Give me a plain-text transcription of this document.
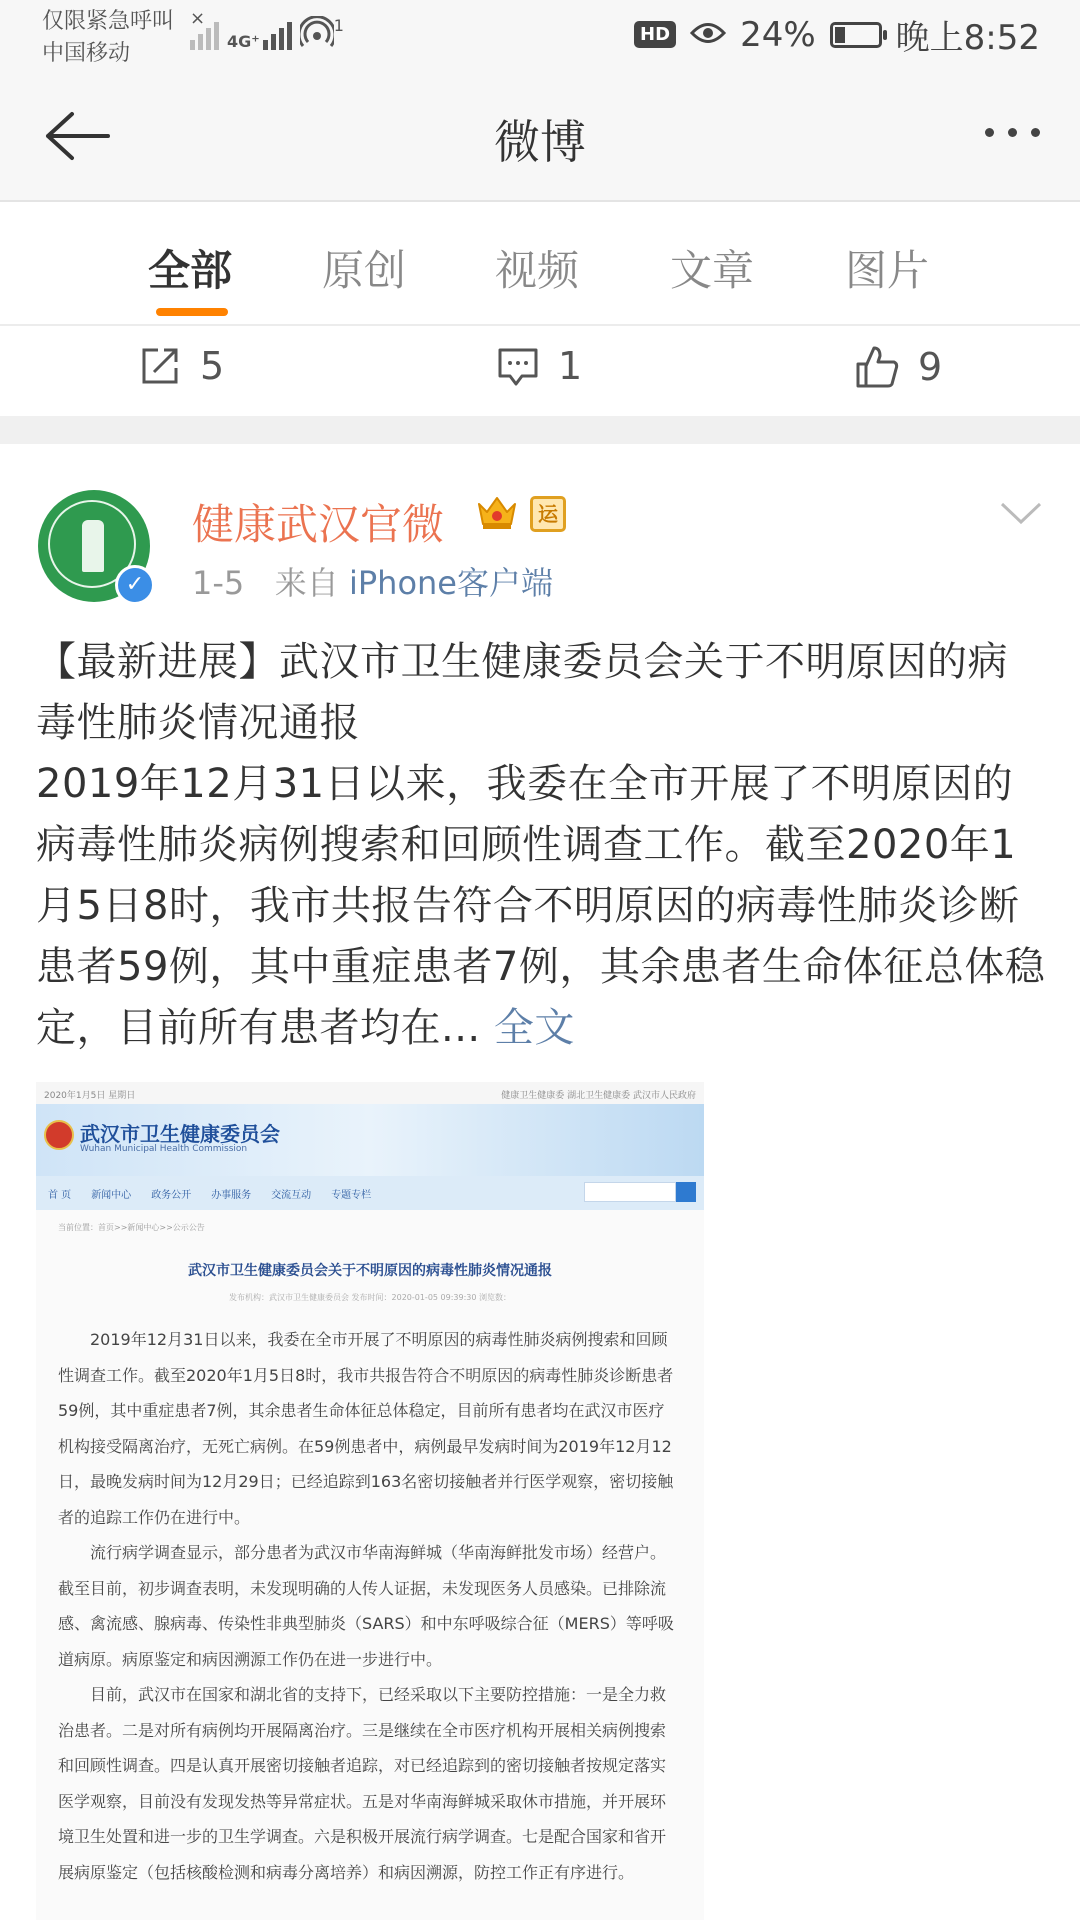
仅限紧急呼叫
中国移动
×
4G⁺
1	HD 24% 晚上8:52
微博
全部 原创 视频 文章 图片
5	1	9
✓
健康武汉官微	运
1-5 来自 iPhone客户端
【最新进展】武汉市卫生健康委员会关于不明原因的病毒性肺炎情况通报
2019年12月31日以来，我委在全市开展了不明原因的病毒性肺炎病例搜索和回顾性调查工作。截至2020年1月5日8时，我市共报告符合不明原因的病毒性肺炎诊断患者59例，其中重症患者7例，其余患者生命体征总体稳定，目前所有患者均在... 全文
2020年1月5日 星期日	健康卫生健康委 湖北卫生健康委 武汉市人民政府
武汉市卫生健康委员会
Wuhan Municipal Health Commission
首 页 新闻中心 政务公开 办事服务 交流互动 专题专栏
当前位置：首页>>新闻中心>>公示公告
武汉市卫生健康委员会关于不明原因的病毒性肺炎情况通报
发布机构：武汉市卫生健康委员会 发布时间：2020-01-05 09:39:30 浏览数：

2019年12月31日以来，我委在全市开展了不明原因的病毒性肺炎病例搜索和回顾性调查工作。截至2020年1月5日8时，我市共报告符合不明原因的病毒性肺炎诊断患者59例，其中重症患者7例，其余患者生命体征总体稳定，目前所有患者均在武汉市医疗机构接受隔离治疗，无死亡病例。在59例患者中，病例最早发病时间为2019年12月12日，最晚发病时间为12月29日；已经追踪到163名密切接触者并行医学观察，密切接触者的追踪工作仍在进行中。

流行病学调查显示，部分患者为武汉市华南海鲜城（华南海鲜批发市场）经营户。截至目前，初步调查表明，未发现明确的人传人证据，未发现医务人员感染。已排除流感、禽流感、腺病毒、传染性非典型肺炎（SARS）和中东呼吸综合征（MERS）等呼吸道病原。病原鉴定和病因溯源工作仍在进一步进行中。

目前，武汉市在国家和湖北省的支持下，已经采取以下主要防控措施：一是全力救治患者。二是对所有病例均开展隔离治疗。三是继续在全市医疗机构开展相关病例搜索和回顾性调查。四是认真开展密切接触者追踪，对已经追踪到的密切接触者按规定落实医学观察，目前没有发现发热等异常症状。五是对华南海鲜城采取休市措施，并开展环境卫生处置和进一步的卫生学调查。六是积极开展流行病学调查。七是配合国家和省开展病原鉴定（包括核酸检测和病毒分离培养）和病因溯源，防控工作正有序进行。
